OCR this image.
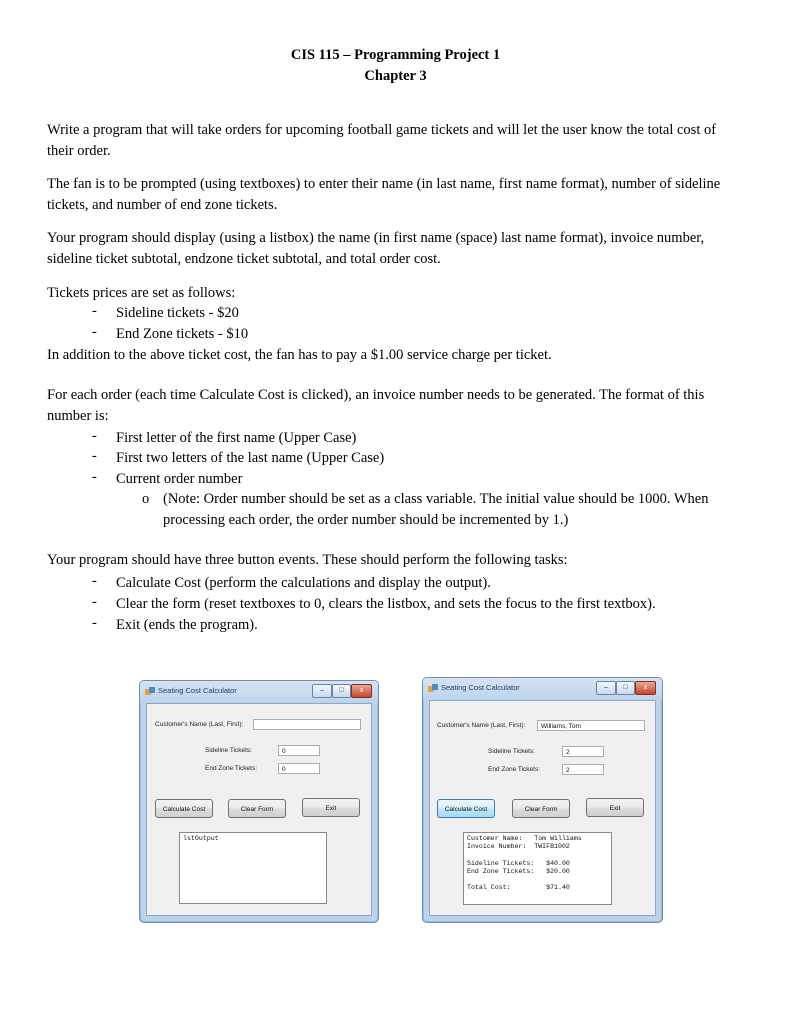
CIS 115 – Programming Project 1
Chapter 3

Write a program that will take orders for upcoming football game tickets and will let the user know the total cost of their order.

The fan is to be prompted (using textboxes) to enter their name (in last name, first name format), number of sideline tickets, and number of end zone tickets.

Your program should display (using a listbox) the name (in first name (space) last name format), invoice number, sideline ticket subtotal, endzone ticket subtotal, and total order cost.

Tickets prices are set as follows:
- Sideline tickets - $20
- End Zone tickets - $10
In addition to the above ticket cost, the fan has to pay a $1.00 service charge per ticket.

For each order (each time Calculate Cost is clicked), an invoice number needs to be generated. The format of this number is:

- First letter of the first name (Upper Case)
- First two letters of the last name (Upper Case)
- Current order number
o (Note: Order number should be set as a class variable. The initial value should be 1000. When processing each order, the order number should be incremented by 1.)

Your program should have three button events. These should perform the following tasks:

- Calculate Cost (perform the calculations and display the output).
- Clear the form (reset textboxes to 0, clears the listbox, and sets the focus to the first textbox).
- Exit (ends the program).
Seating Cost Calculator	–	□	x
Customer's Name (Last, First):
Sideline Tickets:	0
End Zone Tickets:	0
Calculate Cost	Clear Form	Exit
lstOutput
Seating Cost Calculator	–	□	x
Customer's Name (Last, First):	Williams, Tom
Sideline Tickets:	2
End Zone Tickets:	2
Calculate Cost	Clear Form	Exit
Customer Name:   Tom Williams
Invoice Number:  TWIFB1002
Sideline Tickets:   $40.00
End Zone Tickets:   $20.00
Total Cost:         $71.40
